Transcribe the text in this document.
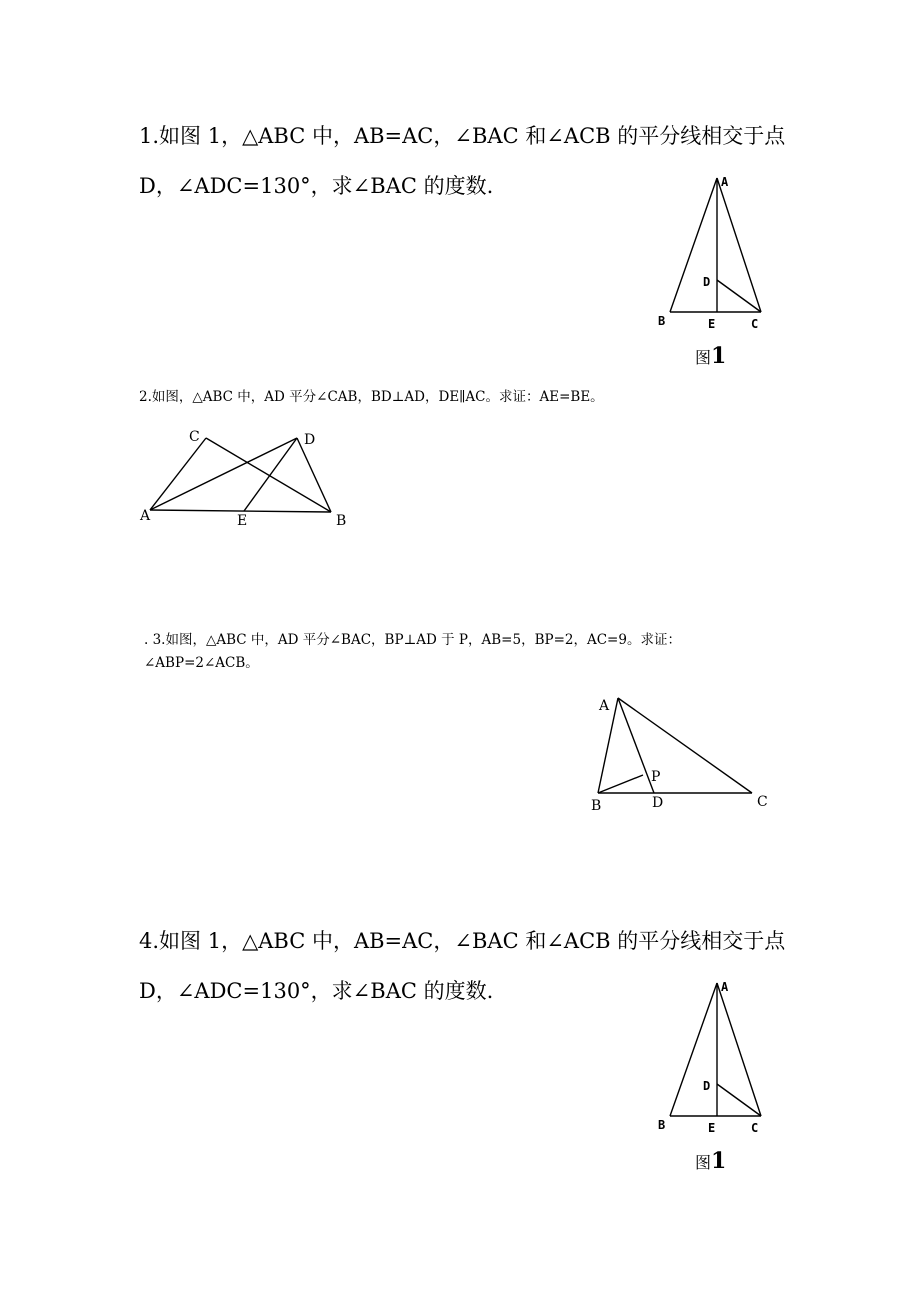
1.如图 1，△ABC 中，AB=AC，∠BAC 和∠ACB 的平分线相交于点
D，∠ADC=130°，求∠BAC 的度数.	A
B	C
D
E
图1
2.如图，△ABC 中，AD 平分∠CAB，BD⊥AD，DE∥AC。求证：AE=BE。
C	D
A	E	B
. 3.如图，△ABC 中，AD 平分∠BAC，BP⊥AD 于 P，AB=5，BP=2，AC=9。求证：
∠ABP=2∠ACB。
A
B	D	C
P
4.如图 1，△ABC 中，AB=AC，∠BAC 和∠ACB 的平分线相交于点
D，∠ADC=130°，求∠BAC 的度数.	A
B	C
D
E
图1
